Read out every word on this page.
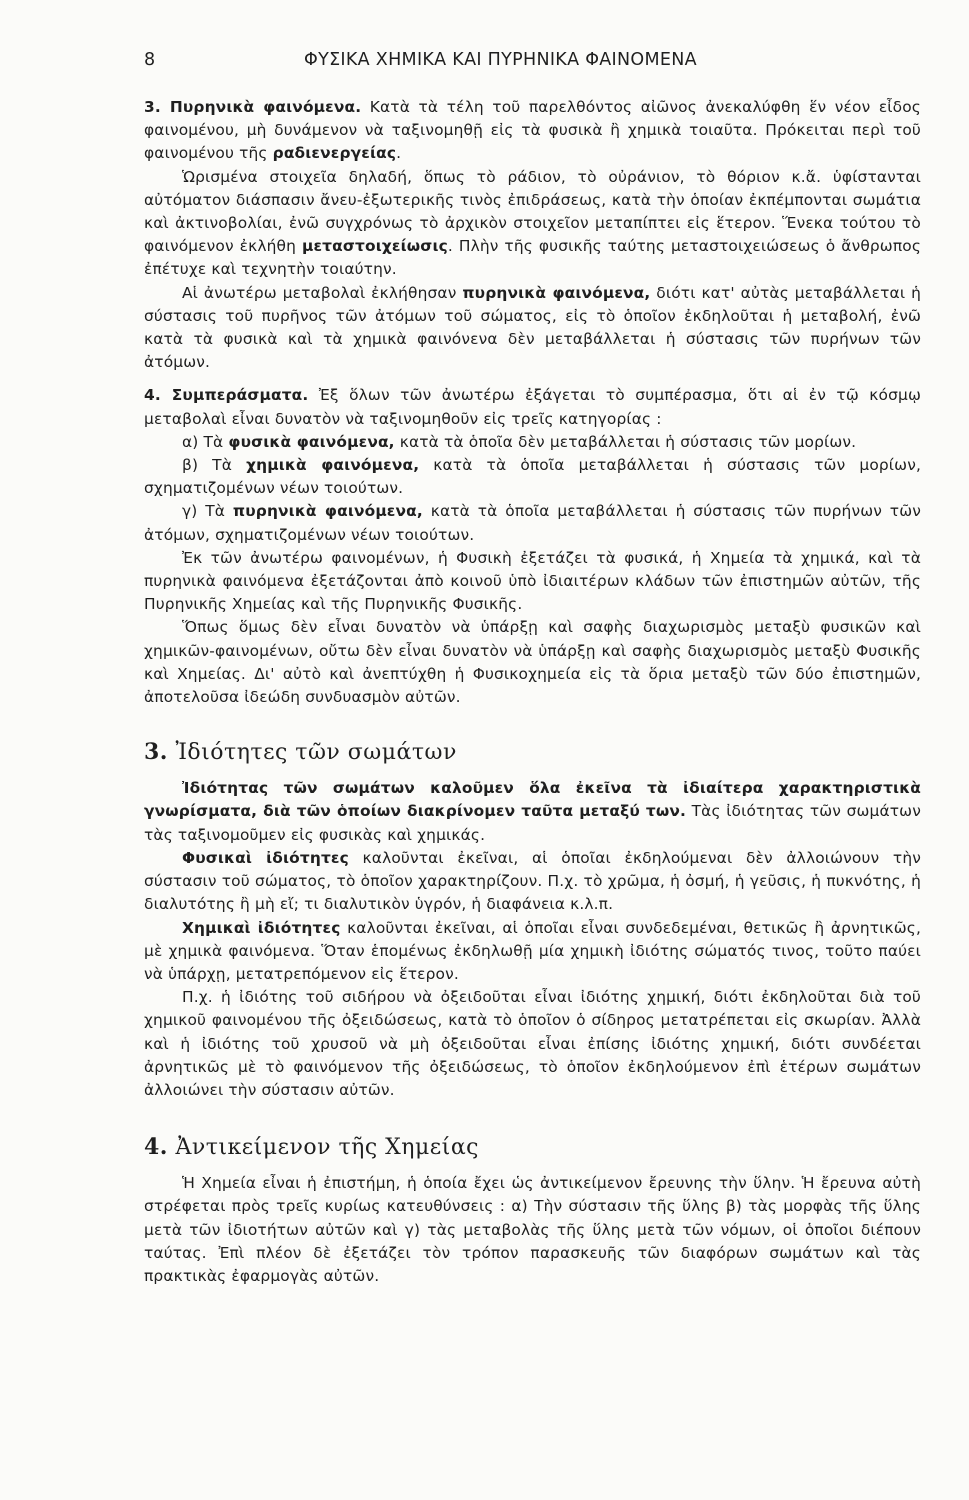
8	ΦΥΣΙΚΑ ΧΗΜΙΚΑ ΚΑΙ ΠΥΡΗΝΙΚΑ ΦΑΙΝΟΜΕΝΑ

3. Πυρηνικὰ φαινόμενα. Κατὰ τὰ τέλη τοῦ παρελθόντος αἰῶνος ἀνεκαλύφθη ἕν νέον εἶδος φαινομένου, μὴ δυνάμενον νὰ ταξινομηθῇ εἰς τὰ φυσικὰ ἢ χημικὰ τοιαῦτα. Πρόκειται περὶ τοῦ φαινομένου τῆς ραδιενεργείας.

Ὡρισμένα στοιχεῖα δηλαδή, ὅπως τὸ ράδιον, τὸ οὐράνιον, τὸ θόριον κ.ἄ. ὑφίστανται αὐτόματον διάσπασιν ἄνευ-ἐξωτερικῆς τινὸς ἐπιδράσεως, κατὰ τὴν ὁποίαν ἐκπέμπονται σωμάτια καὶ ἀκτινοβολίαι, ἐνῶ συγχρόνως τὸ ἀρχικὸν στοιχεῖον μεταπίπτει εἰς ἕτερον. Ἕνεκα τούτου τὸ φαινόμενον ἐκλήθη μεταστοιχείωσις. Πλὴν τῆς φυσικῆς ταύτης μεταστοιχειώσεως ὁ ἄνθρωπος ἐπέτυχε καὶ τεχνητὴν τοιαύτην.

Αἱ ἀνωτέρω μεταβολαὶ ἐκλήθησαν πυρηνικὰ φαινόμενα, διότι κατ' αὐτὰς μεταβάλλεται ἡ σύστασις τοῦ πυρῆνος τῶν ἀτόμων τοῦ σώματος, εἰς τὸ ὁποῖον ἐκδηλοῦται ἡ μεταβολή, ἐνῶ κατὰ τὰ φυσικὰ καὶ τὰ χημικὰ φαινόνενα δὲν μεταβάλλεται ἡ σύστασις τῶν πυρήνων τῶν ἀτόμων.

4. Συμπεράσματα. Ἐξ ὅλων τῶν ἀνωτέρω ἐξάγεται τὸ συμπέρασμα, ὅτι αἱ ἐν τῷ κόσμῳ μεταβολαὶ εἶναι δυνατὸν νὰ ταξινομηθοῦν εἰς τρεῖς κατηγορίας :

α) Τὰ φυσικὰ φαινόμενα, κατὰ τὰ ὁποῖα δὲν μεταβάλλεται ἡ σύστασις τῶν μορίων.

β) Τὰ χημικὰ φαινόμενα, κατὰ τὰ ὁποῖα μεταβάλλεται ἡ σύστασις τῶν μορίων, σχηματιζομένων νέων τοιούτων.

γ) Τὰ πυρηνικὰ φαινόμενα, κατὰ τὰ ὁποῖα μεταβάλλεται ἡ σύστασις τῶν πυρήνων τῶν ἀτόμων, σχηματιζομένων νέων τοιούτων.

Ἐκ τῶν ἀνωτέρω φαινομένων, ἡ Φυσικὴ ἐξετάζει τὰ φυσικά, ἡ Χημεία τὰ χημικά, καὶ τὰ πυρηνικὰ φαινόμενα ἐξετάζονται ἀπὸ κοινοῦ ὑπὸ ἰδιαιτέρων κλάδων τῶν ἐπιστημῶν αὐτῶν, τῆς Πυρηνικῆς Χημείας καὶ τῆς Πυρηνικῆς Φυσικῆς.

Ὅπως ὅμως δὲν εἶναι δυνατὸν νὰ ὑπάρξῃ καὶ σαφὴς διαχωρισμὸς μεταξὺ φυσικῶν καὶ χημικῶν-φαινομένων, οὔτω δὲν εἶναι δυνατὸν νὰ ὑπάρξῃ καὶ σαφὴς διαχωρισμὸς μεταξὺ Φυσικῆς καὶ Χημείας. Δι' αὐτὸ καὶ ἀνεπτύχθη ἡ Φυσικοχημεία εἰς τὰ ὅρια μεταξὺ τῶν δύο ἐπιστημῶν, ἀποτελοῦσα ἰδεώδη συνδυασμὸν αὐτῶν.

3. Ἰδιότητες τῶν σωμάτων

Ἰδιότητας τῶν σωμάτων καλοῦμεν ὅλα ἐκεῖνα τὰ ἰδιαίτερα χαρακτηριστικὰ γνωρίσματα, διὰ τῶν ὁποίων διακρίνομεν ταῦτα μεταξύ των. Τὰς ἰδιότητας τῶν σωμάτων τὰς ταξινομοῦμεν εἰς φυσικὰς καὶ χημικάς.

Φυσικαὶ ἰδιότητες καλοῦνται ἐκεῖναι, αἱ ὁποῖαι ἐκδηλούμεναι δὲν ἀλλοιώνουν τὴν σύστασιν τοῦ σώματος, τὸ ὁποῖον χαρακτηρίζουν. Π.χ. τὸ χρῶμα, ἡ ὀσμή, ἡ γεῦσις, ἡ πυκνότης, ἡ διαλυτότης ἢ μὴ εἴ; τι διαλυτικὸν ὑγρόν, ἡ διαφάνεια κ.λ.π.

Χημικαὶ ἰδιότητες καλοῦνται ἐκεῖναι, αἱ ὁποῖαι εἶναι συνδεδεμέναι, θετικῶς ἢ ἀρνητικῶς, μὲ χημικὰ φαινόμενα. Ὅταν ἑπομένως ἐκδηλωθῇ μία χημικὴ ἰδιότης σώματός τινος, τοῦτο παύει νὰ ὑπάρχῃ, μετατρεπόμενον εἰς ἕτερον.

Π.χ. ἡ ἰδιότης τοῦ σιδήρου νὰ ὀξειδοῦται εἶναι ἰδιότης χημική, διότι ἐκδηλοῦται διὰ τοῦ χημικοῦ φαινομένου τῆς ὀξειδώσεως, κατὰ τὸ ὁποῖον ὁ σίδηρος μετατρέπεται εἰς σκωρίαν. Ἀλλὰ καὶ ἡ ἰδιότης τοῦ χρυσοῦ νὰ μὴ ὀξειδοῦται εἶναι ἐπίσης ἰδιότης χημική, διότι συνδέεται ἀρνητικῶς μὲ τὸ φαινόμενον τῆς ὀξειδώσεως, τὸ ὁποῖον ἐκδηλούμενον ἐπὶ ἑτέρων σωμάτων ἀλλοιώνει τὴν σύστασιν αὐτῶν.

4. Ἀντικείμενον τῆς Χημείας

Ἡ Χημεία εἶναι ἡ ἐπιστήμη, ἡ ὁποία ἔχει ὡς ἀντικείμενον ἔρευνης τὴν ὕλην. Ἡ ἔρευνα αὐτὴ στρέφεται πρὸς τρεῖς κυρίως κατευθύνσεις : α) Τὴν σύστασιν τῆς ὕλης β) τὰς μορφὰς τῆς ὕλης μετὰ τῶν ἰδιοτήτων αὐτῶν καὶ γ) τὰς μεταβολὰς τῆς ὕλης μετὰ τῶν νόμων, οἱ ὁποῖοι διέπουν ταύτας. Ἐπὶ πλέον δὲ ἐξετάζει τὸν τρόπον παρασκευῆς τῶν διαφόρων σωμάτων καὶ τὰς πρακτικὰς ἐφαρμογὰς αὐτῶν.
